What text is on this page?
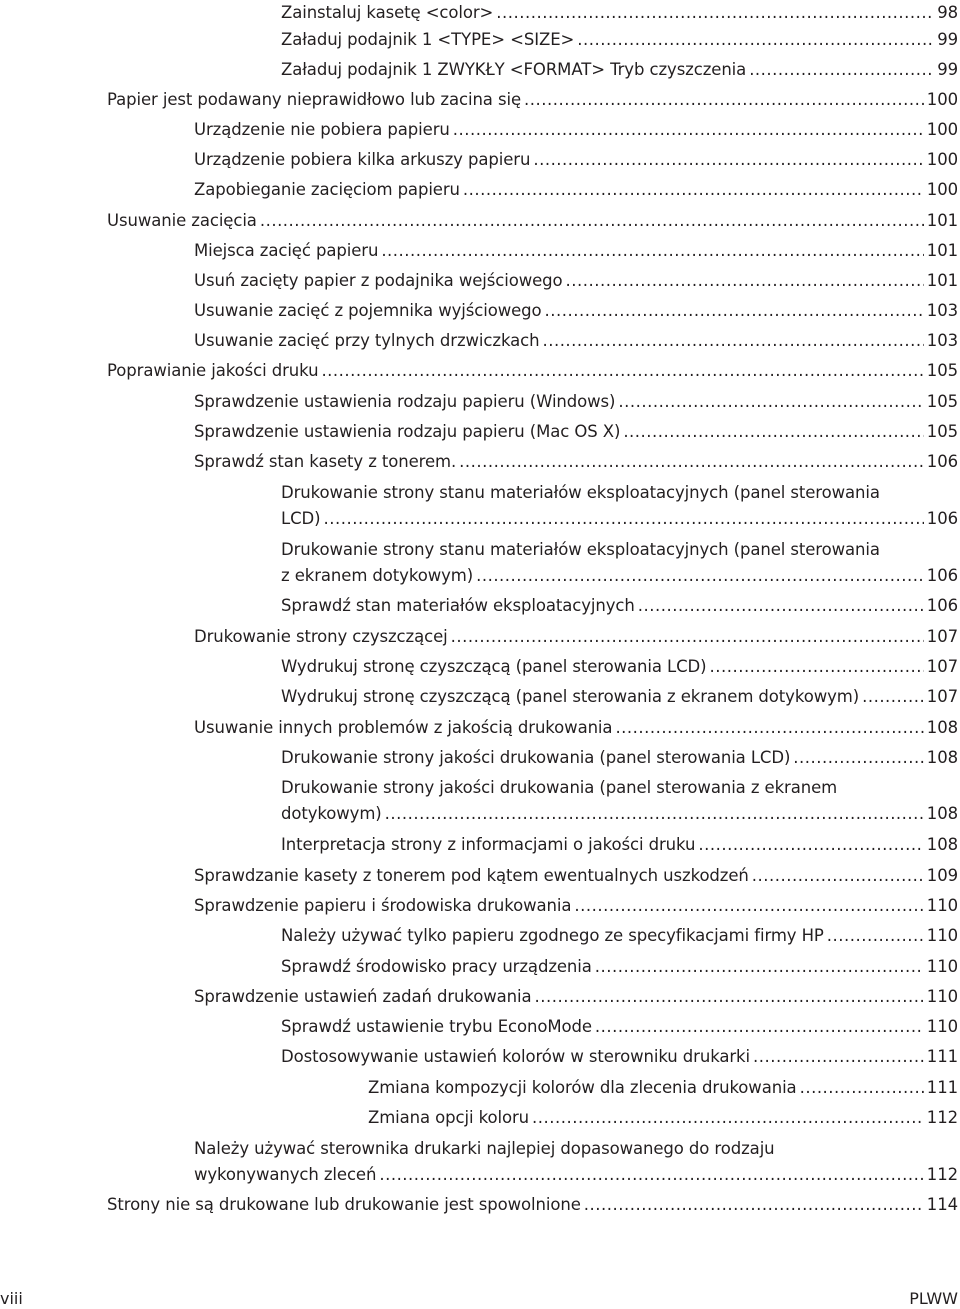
Zainstaluj kasetę <color> .....	98
Załaduj podajnik 1 <TYPE> <SIZE> .....	99
Załaduj podajnik 1 ZWYKŁY <FORMAT> Tryb czyszczenia .....	99
Papier jest podawany nieprawidłowo lub zacina się .....	100
Urządzenie nie pobiera papieru .....	100
Urządzenie pobiera kilka arkuszy papieru .....	100
Zapobieganie zacięciom papieru .....	100
Usuwanie zacięcia .....	101
Miejsca zacięć papieru .....	101
Usuń zacięty papier z podajnika wejściowego .....	101
Usuwanie zacięć z pojemnika wyjściowego .....	103
Usuwanie zacięć przy tylnych drzwiczkach .....	103
Poprawianie jakości druku .....	105
Sprawdzenie ustawienia rodzaju papieru (Windows) .....	105
Sprawdzenie ustawienia rodzaju papieru (Mac OS X) .....	105
Sprawdź stan kasety z tonerem. .....	106
Drukowanie strony stanu materiałów eksploatacyjnych (panel sterowania
LCD) .....	106
Drukowanie strony stanu materiałów eksploatacyjnych (panel sterowania
z ekranem dotykowym) .....	106
Sprawdź stan materiałów eksploatacyjnych .....	106
Drukowanie strony czyszczącej .....	107
Wydrukuj stronę czyszczącą (panel sterowania LCD) .....	107
Wydrukuj stronę czyszczącą (panel sterowania z ekranem dotykowym) .....	107
Usuwanie innych problemów z jakością drukowania .....	108
Drukowanie strony jakości drukowania (panel sterowania LCD) .....	108
Drukowanie strony jakości drukowania (panel sterowania z ekranem
dotykowym) .....	108
Interpretacja strony z informacjami o jakości druku .....	108
Sprawdzanie kasety z tonerem pod kątem ewentualnych uszkodzeń .....	109
Sprawdzenie papieru i środowiska drukowania .....	110
Należy używać tylko papieru zgodnego ze specyfikacjami firmy HP .....	110
Sprawdź środowisko pracy urządzenia .....	110
Sprawdzenie ustawień zadań drukowania .....	110
Sprawdź ustawienie trybu EconoMode .....	110
Dostosowywanie ustawień kolorów w sterowniku drukarki .....	111
Zmiana kompozycji kolorów dla zlecenia drukowania .....	111
Zmiana opcji koloru .....	112
Należy używać sterownika drukarki najlepiej dopasowanego do rodzaju
wykonywanych zleceń .....	112
Strony nie są drukowane lub drukowanie jest spowolnione .....	114
viii	PLWW
